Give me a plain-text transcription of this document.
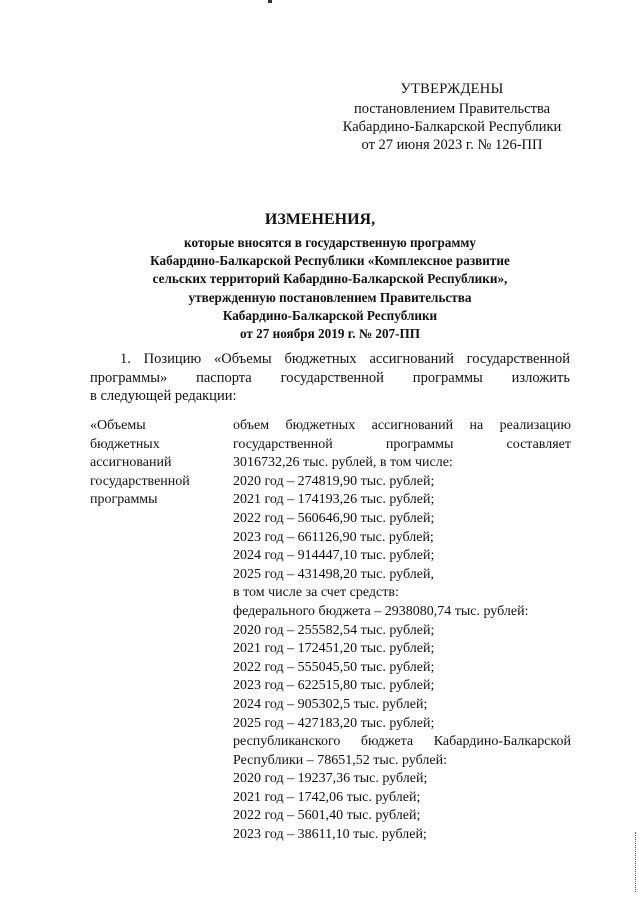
УТВЕРЖДЕНЫ
постановлением Правительства
Кабардино-Балкарской Республики
от 27 июня 2023 г. № 126-ПП
ИЗМЕНЕНИЯ,
которые вносятся в государственную программу
Кабардино-Балкарской Республики «Комплексное развитие
сельских территорий Кабардино-Балкарской Республики»,
утвержденную постановлением Правительства
Кабардино-Балкарской Республики
от 27 ноября 2019 г. № 207-ПП
1. Позицию «Объемы бюджетных ассигнований государственной
программы» паспорта государственной программы изложить
в следующей редакции:
«Объемы
бюджетных
ассигнований
государственной
программы
объем бюджетных ассигнований на реализацию
государственной программы составляет
3016732,26 тыс. рублей, в том числе:
2020 год – 274819,90 тыс. рублей;
2021 год – 174193,26 тыс. рублей;
2022 год – 560646,90 тыс. рублей;
2023 год – 661126,90 тыс. рублей;
2024 год – 914447,10 тыс. рублей;
2025 год – 431498,20 тыс. рублей,
в том числе за счет средств:
федерального бюджета – 2938080,74 тыс. рублей:
2020 год – 255582,54 тыс. рублей;
2021 год – 172451,20 тыс. рублей;
2022 год – 555045,50 тыс. рублей;
2023 год – 622515,80 тыс. рублей;
2024 год – 905302,5 тыс. рублей;
2025 год – 427183,20 тыс. рублей;
республиканского бюджета Кабардино-Балкарской
Республики – 78651,52 тыс. рублей:
2020 год – 19237,36 тыс. рублей;
2021 год – 1742,06 тыс. рублей;
2022 год – 5601,40 тыс. рублей;
2023 год – 38611,10 тыс. рублей;
